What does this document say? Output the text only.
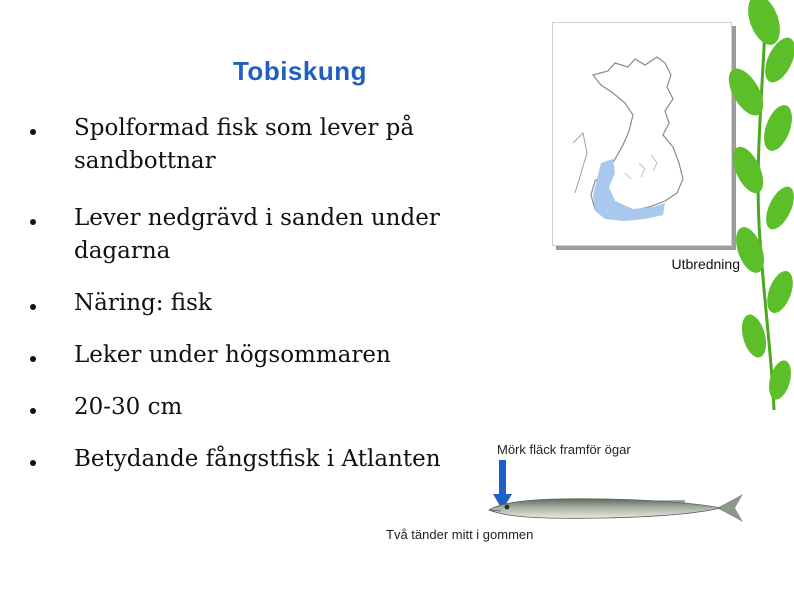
Tobiskung
Spolformad fisk som lever på sandbottnar
Lever nedgrävd i sanden under dagarna
Näring: fisk
Leker under högsommaren
20-30 cm
Betydande fångstfisk i Atlanten
Utbredning
Mörk fläck framför ögar
Två tänder mitt i gommen
